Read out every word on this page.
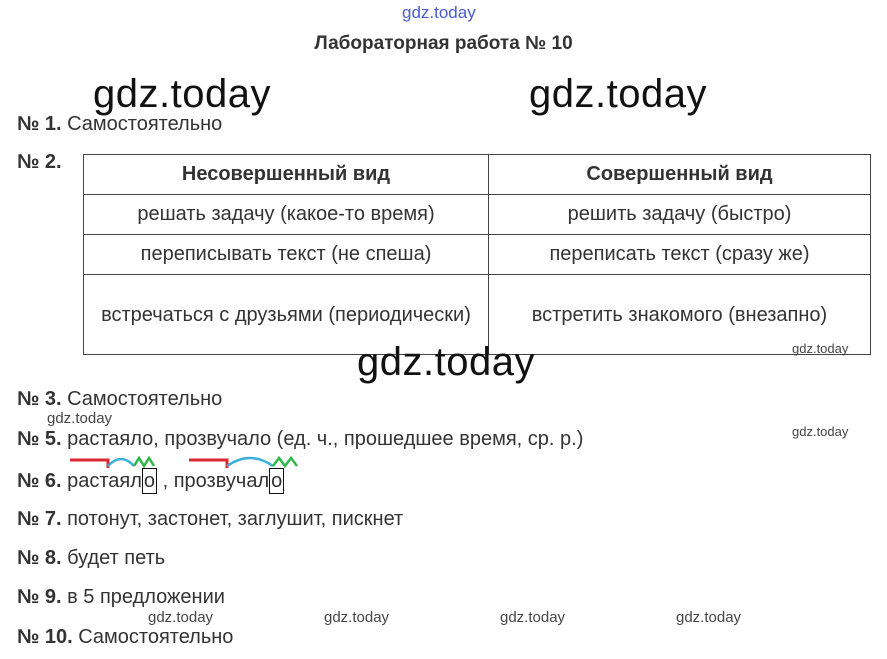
gdz.today
Лабораторная работа № 10
gdz.today	gdz.today
№ 1. Самостоятельно
№ 2.
Несовершенный вид	Совершенный вид
решать задачу (какое-то время)	решить задачу (быстро)
переписывать текст (не спеша)	переписать текст (сразу же)
встречаться с друзьями (периодически)	встретить знакомого (внезапно)
gdz.today
gdz.today
№ 3. Самостоятельно
gdz.today
gdz.today
№ 5. растаяло, прозвучало (ед. ч., прошедшее время, ср. р.)
№ 6. растаял о , прозвучал о
№ 7. потонут, застонет, заглушит, пискнет
№ 8. будет петь
№ 9. в 5 предложении
gdz.today	gdz.today	gdz.today	gdz.today
№ 10. Самостоятельно
